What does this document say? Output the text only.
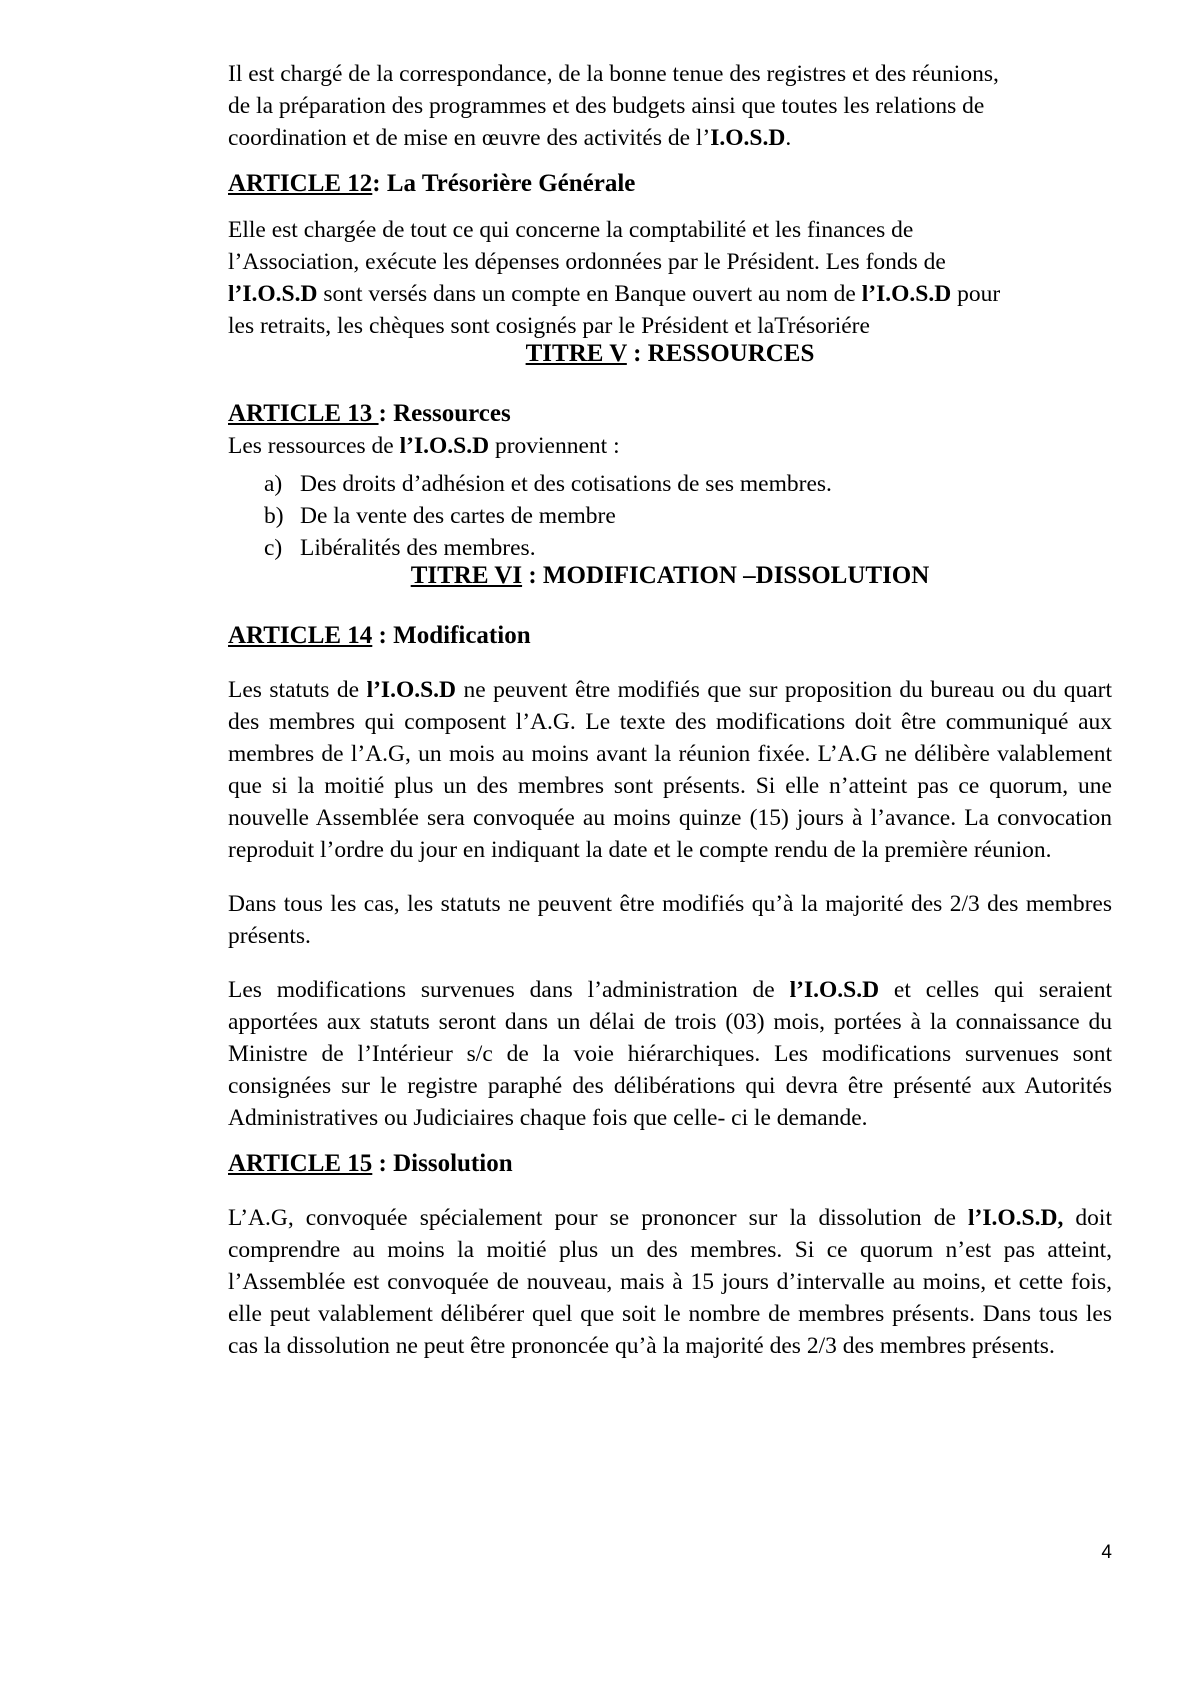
Il est chargé de la correspondance, de la bonne tenue des registres et des réunions,

de la préparation des programmes et des budgets ainsi que toutes les relations de

coordination et de mise en œuvre des activités de l’I.O.S.D.

ARTICLE 12: La Trésorière Générale

Elle est chargée de tout ce qui concerne la comptabilité et les finances de

l’Association, exécute les dépenses ordonnées par le Président. Les fonds de

l’I.O.S.D sont versés dans un compte en Banque ouvert au nom de l’I.O.S.D pour

les retraits, les chèques sont cosignés par le Président et laTrésoriére

TITRE V : RESSOURCES
ARTICLE 13 : Ressources

Les ressources de l’I.O.S.D proviennent :

a) Des droits d’adhésion et des cotisations de ses membres.
b) De la vente des cartes de membre
c) Libéralités des membres.
TITRE VI : MODIFICATION –DISSOLUTION
ARTICLE 14 : Modification

Les statuts de l’I.O.S.D ne peuvent être modifiés que sur proposition du bureau ou du quart des membres qui composent l’A.G. Le texte des modifications doit être communiqué aux membres de l’A.G, un mois au moins avant la réunion fixée. L’A.G ne délibère valablement que si la moitié plus un des membres sont présents. Si elle n’atteint pas ce quorum, une nouvelle Assemblée sera convoquée au moins quinze (15) jours à l’avance. La convocation reproduit l’ordre du jour en indiquant la date et le compte rendu de la première réunion.

Dans tous les cas, les statuts ne peuvent être modifiés qu’à la majorité des 2/3 des membres présents.

Les modifications survenues dans l’administration de l’I.O.S.D et celles qui seraient apportées aux statuts seront dans un délai de trois (03) mois, portées à la connaissance du Ministre de l’Intérieur s/c de la voie hiérarchiques. Les modifications survenues sont consignées sur le registre paraphé des délibérations qui devra être présenté aux Autorités Administratives ou Judiciaires chaque fois que celle- ci le demande.

ARTICLE 15 : Dissolution

L’A.G, convoquée spécialement pour se prononcer sur la dissolution de l’I.O.S.D, doit comprendre au moins la moitié plus un des membres. Si ce quorum n’est pas atteint, l’Assemblée est convoquée de nouveau, mais à 15 jours d’intervalle au moins, et cette fois, elle peut valablement délibérer quel que soit le nombre de membres présents. Dans tous les cas la dissolution ne peut être prononcée qu’à la majorité des 2/3 des membres présents.

4
